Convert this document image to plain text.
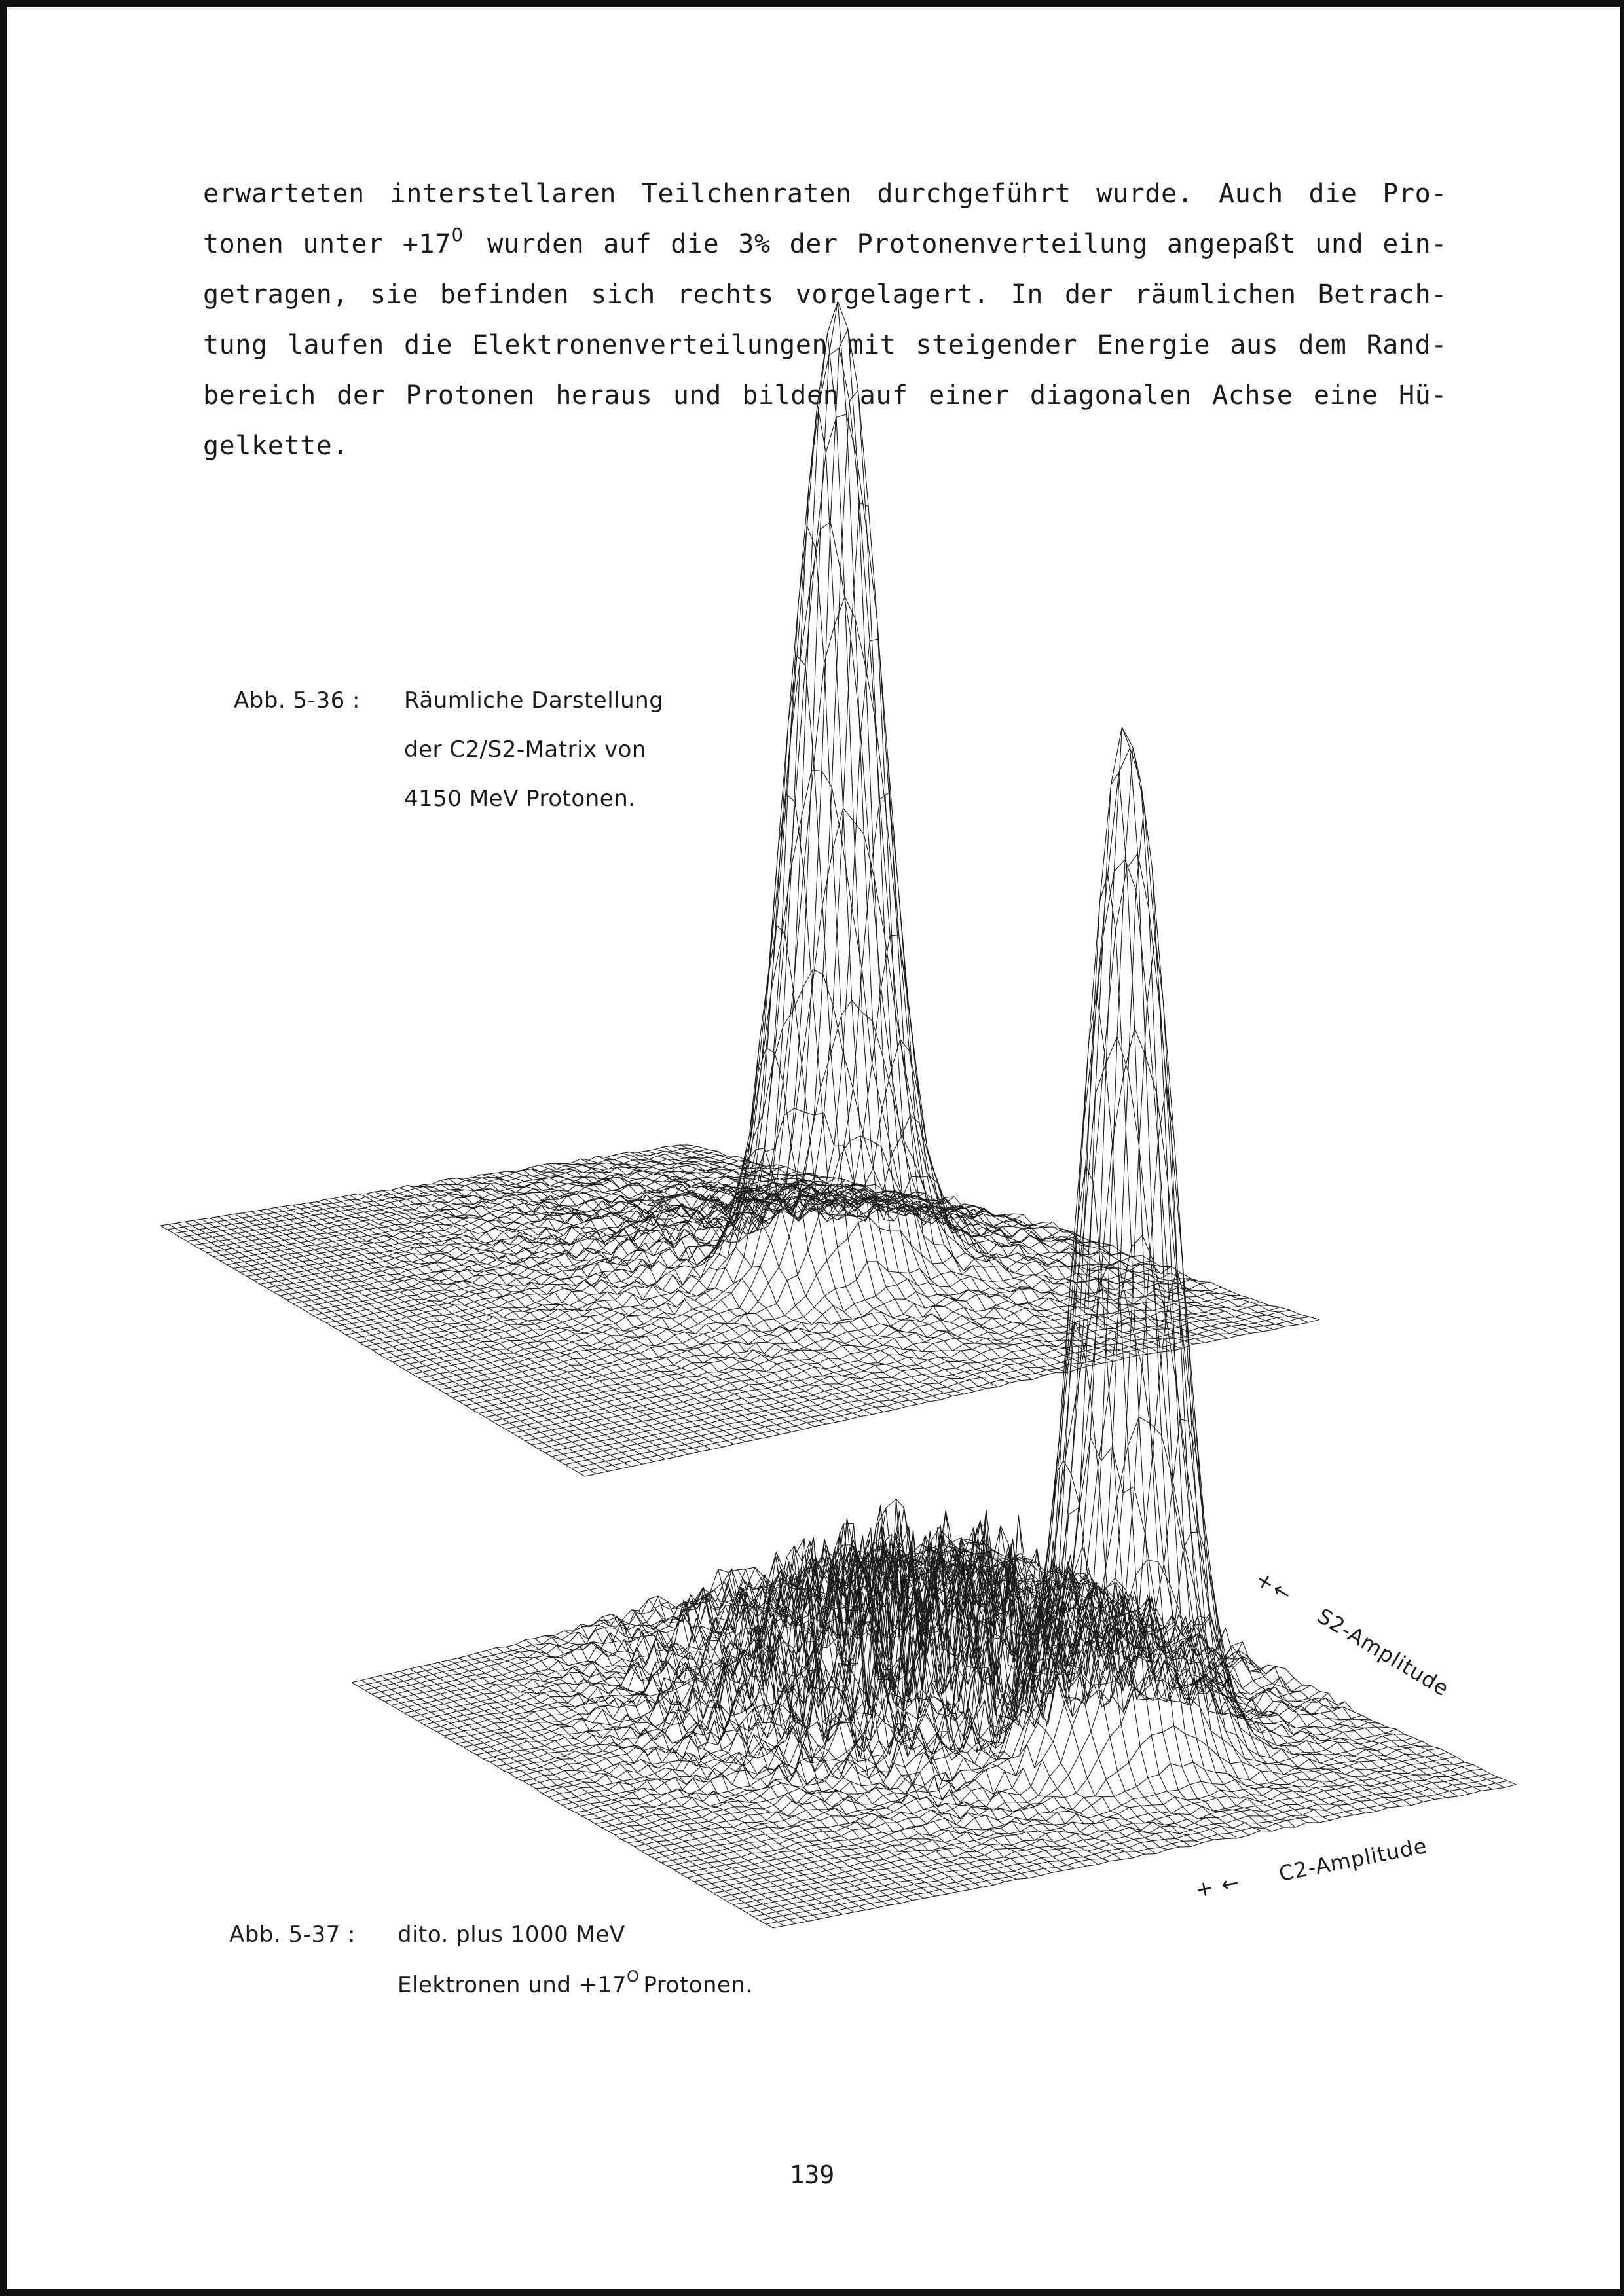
erwarteten interstellaren Teilchenraten durchgeführt wurde. Auch die Pro-
tonen unter $+17^O$ wurden auf die 3% der Protonenverteilung angepaßt und ein-
getragen, sie befinden sich rechts vorgelagert. In der räumlichen Betrach-
tung laufen die Elektronenverteilungen mit steigender Energie aus dem Rand-
bereich der Protonen heraus und bilden auf einer diagonalen Achse eine Hü-
gelkette.
+
←
S2-Amplitude
+ ← C2-Amplitude
Abb. 5-36 : Räumliche Darstellung
der C2/S2-Matrix von
4150 MeV Protonen.
Abb. 5-37 : dito. plus 1000 MeV
Elektronen und $+17^O$ Protonen.
139
